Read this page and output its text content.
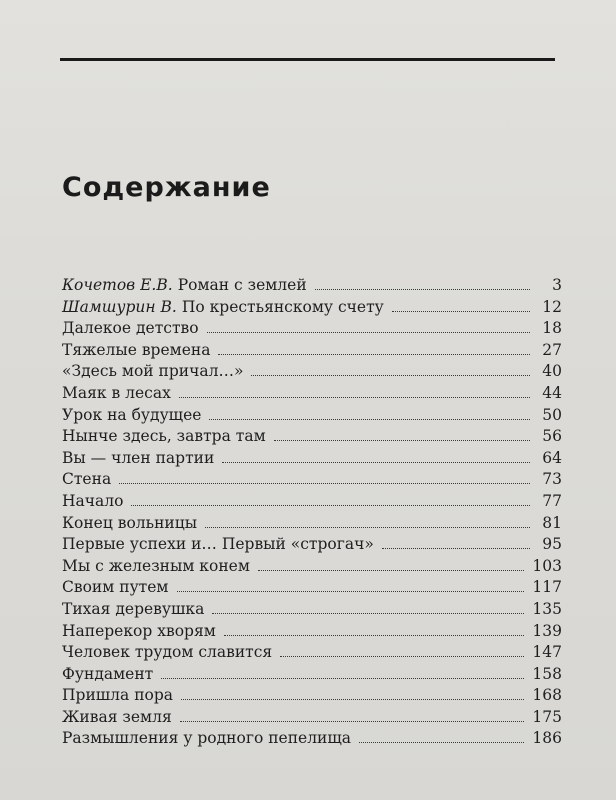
Содержание
Кочетов Е.В. Роман с землей	3
Шамшурин В. По крестьянскому счету	12
Далекое детство	18
Тяжелые времена	27
«Здесь мой причал…»	40
Маяк в лесах	44
Урок на будущее	50
Нынче здесь, завтра там	56
Вы — член партии	64
Стена	73
Начало	77
Конец вольницы	81
Первые успехи и… Первый «строгач»	95
Мы с железным конем	103
Своим путем	117
Тихая деревушка	135
Наперекор хворям	139
Человек трудом славится	147
Фундамент	158
Пришла пора	168
Живая земля	175
Размышления у родного пепелища	186
